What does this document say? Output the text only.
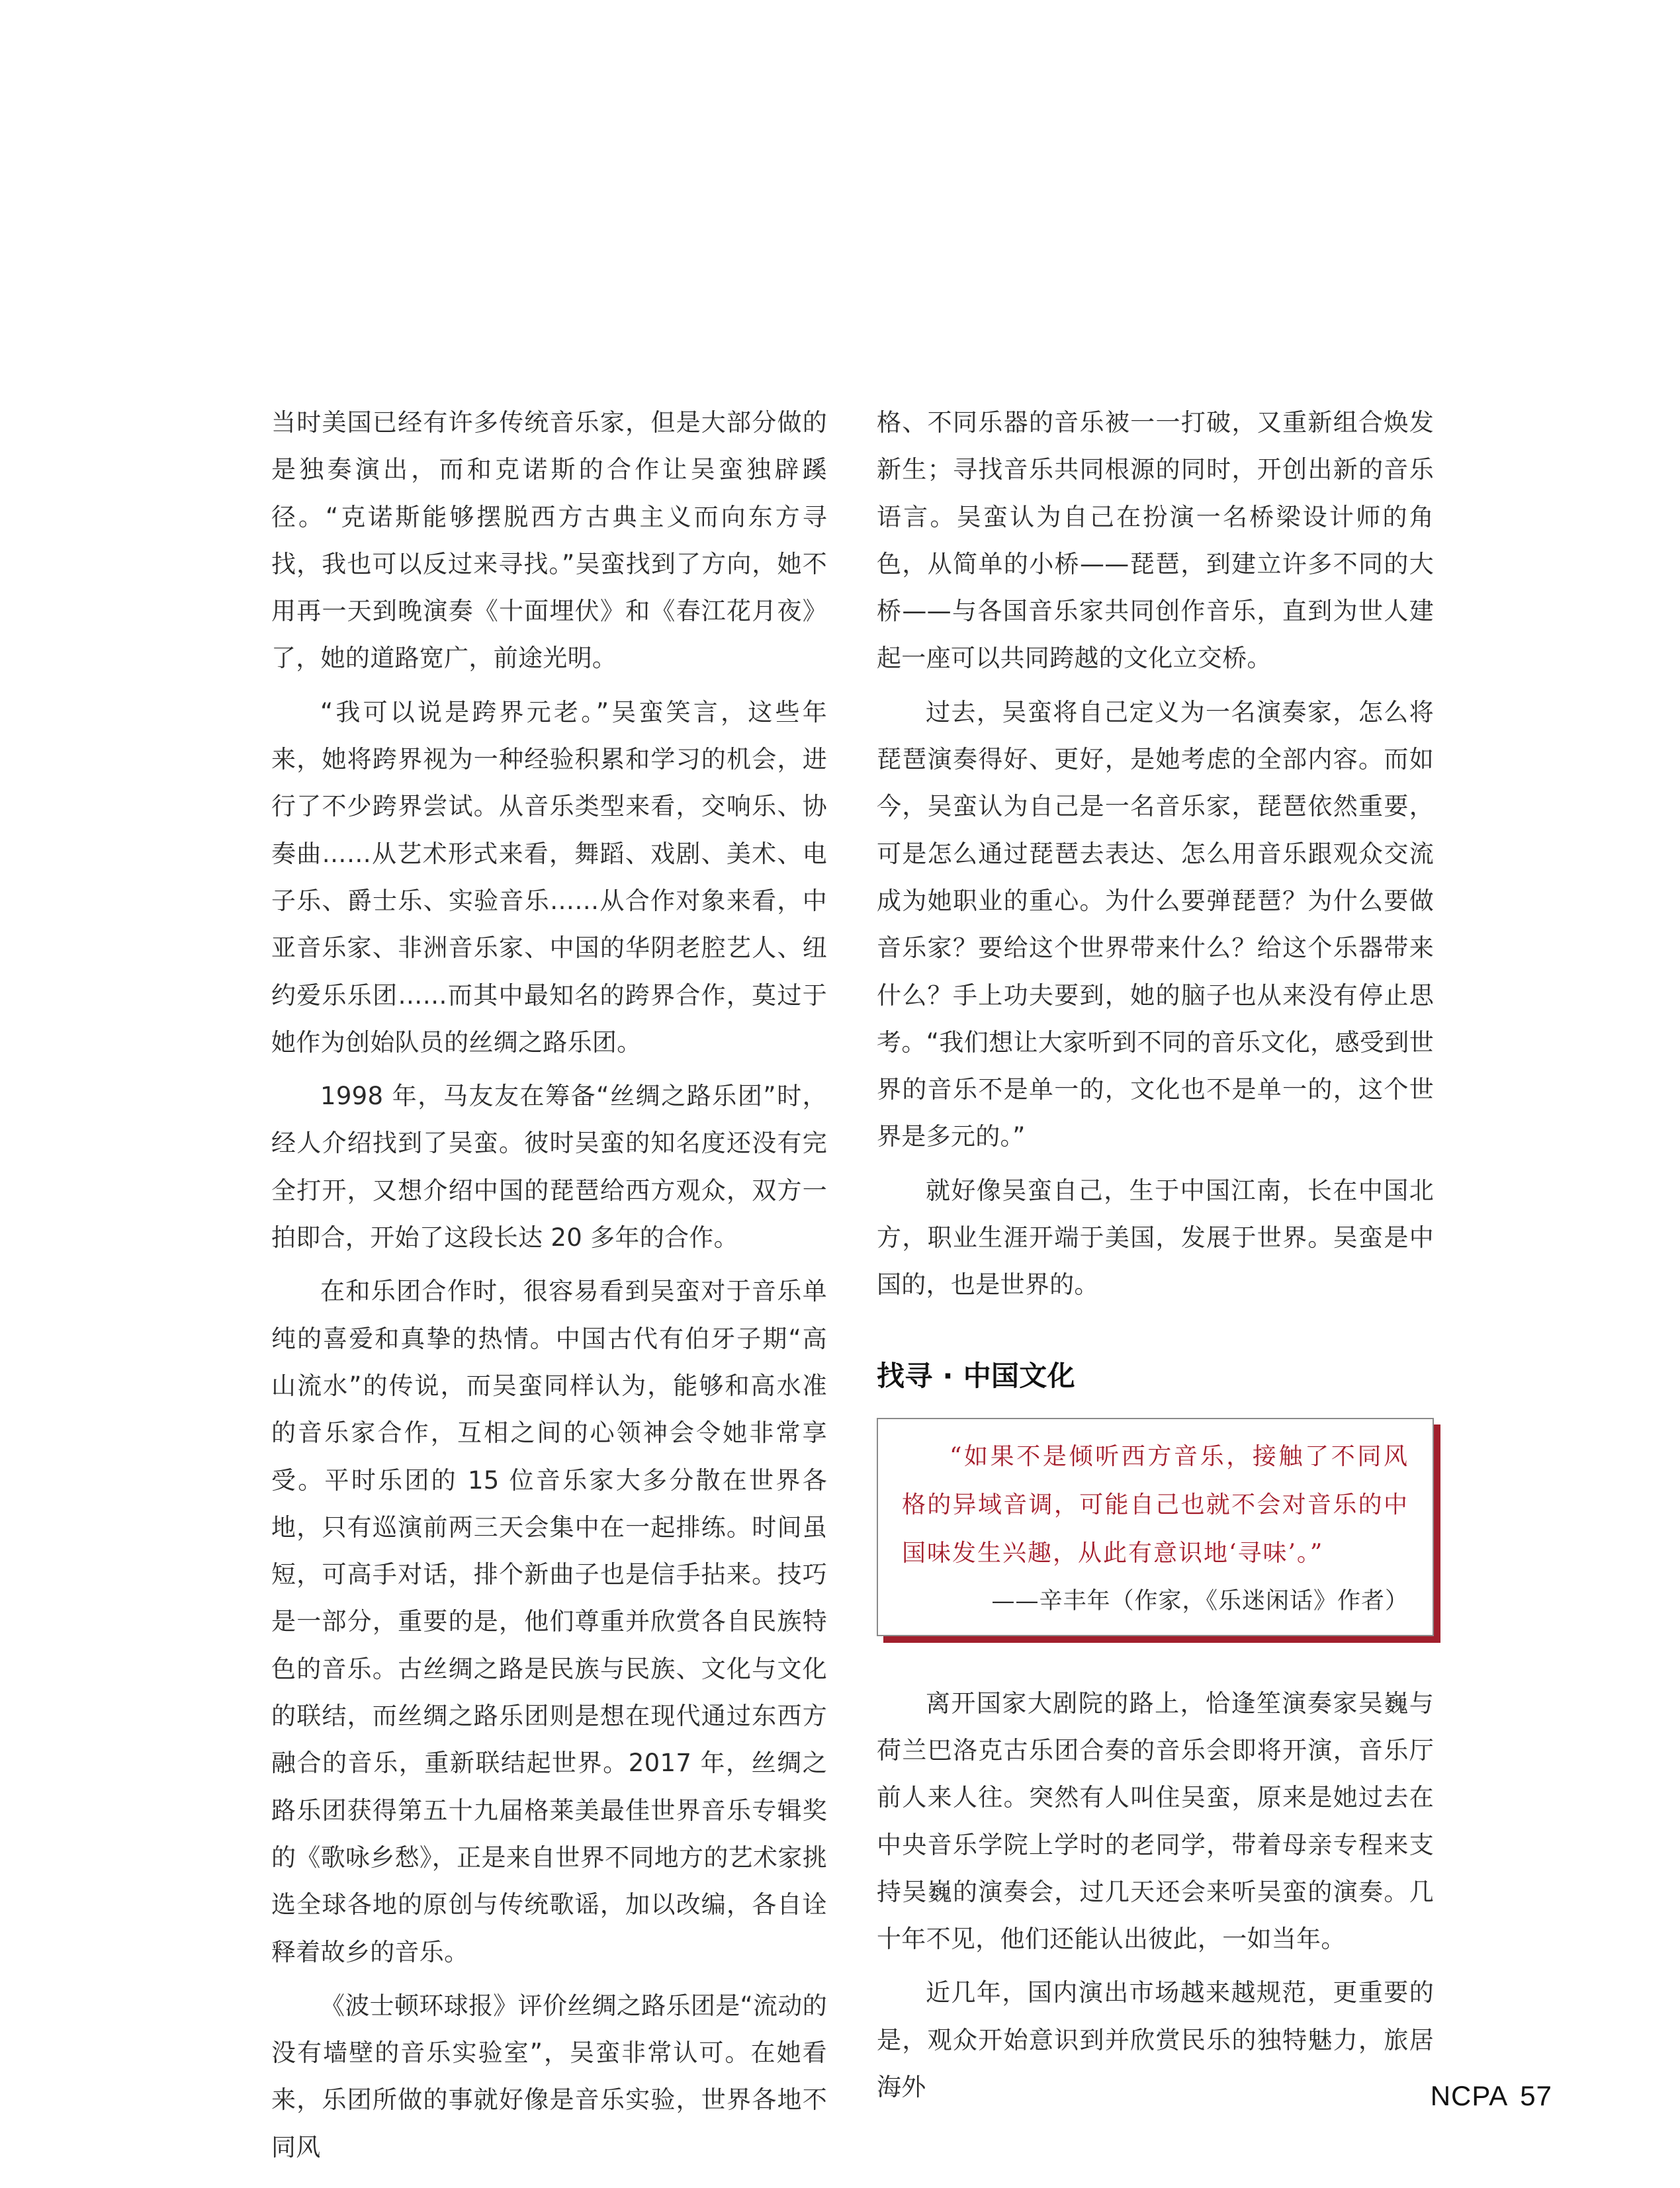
当时美国已经有许多传统音乐家，但是大部分做的是独奏演出，而和克诺斯的合作让吴蛮独辟蹊径。“克诺斯能够摆脱西方古典主义而向东方寻找，我也可以反过来寻找。”吴蛮找到了方向，她不用再一天到晚演奏《十面埋伏》和《春江花月夜》了，她的道路宽广，前途光明。

“我可以说是跨界元老。”吴蛮笑言，这些年来，她将跨界视为一种经验积累和学习的机会，进行了不少跨界尝试。从音乐类型来看，交响乐、协奏曲……从艺术形式来看，舞蹈、戏剧、美术、电子乐、爵士乐、实验音乐……从合作对象来看，中亚音乐家、非洲音乐家、中国的华阴老腔艺人、纽约爱乐乐团……而其中最知名的跨界合作，莫过于她作为创始队员的丝绸之路乐团。

1998 年，马友友在筹备“丝绸之路乐团”时，经人介绍找到了吴蛮。彼时吴蛮的知名度还没有完全打开，又想介绍中国的琵琶给西方观众，双方一拍即合，开始了这段长达 20 多年的合作。

在和乐团合作时，很容易看到吴蛮对于音乐单纯的喜爱和真挚的热情。中国古代有伯牙子期“高山流水”的传说，而吴蛮同样认为，能够和高水准的音乐家合作，互相之间的心领神会令她非常享受。平时乐团的 15 位音乐家大多分散在世界各地，只有巡演前两三天会集中在一起排练。时间虽短，可高手对话，排个新曲子也是信手拈来。技巧是一部分，重要的是，他们尊重并欣赏各自民族特色的音乐。古丝绸之路是民族与民族、文化与文化的联结，而丝绸之路乐团则是想在现代通过东西方融合的音乐，重新联结起世界。2017 年，丝绸之路乐团获得第五十九届格莱美最佳世界音乐专辑奖的《歌咏乡愁》，正是来自世界不同地方的艺术家挑选全球各地的原创与传统歌谣，加以改编，各自诠释着故乡的音乐。

《波士顿环球报》评价丝绸之路乐团是“流动的没有墙壁的音乐实验室”，吴蛮非常认可。在她看来，乐团所做的事就好像是音乐实验，世界各地不同风

格、不同乐器的音乐被一一打破，又重新组合焕发新生；寻找音乐共同根源的同时，开创出新的音乐语言。吴蛮认为自己在扮演一名桥梁设计师的角色，从简单的小桥——琵琶，到建立许多不同的大桥——与各国音乐家共同创作音乐，直到为世人建起一座可以共同跨越的文化立交桥。

过去，吴蛮将自己定义为一名演奏家，怎么将琵琶演奏得好、更好，是她考虑的全部内容。而如今，吴蛮认为自己是一名音乐家，琵琶依然重要，可是怎么通过琵琶去表达、怎么用音乐跟观众交流成为她职业的重心。为什么要弹琵琶？为什么要做音乐家？要给这个世界带来什么？给这个乐器带来什么？手上功夫要到，她的脑子也从来没有停止思考。“我们想让大家听到不同的音乐文化，感受到世界的音乐不是单一的，文化也不是单一的，这个世界是多元的。”

就好像吴蛮自己，生于中国江南，长在中国北方，职业生涯开端于美国，发展于世界。吴蛮是中国的，也是世界的。

找寻 · 中国文化
“如果不是倾听西方音乐，接触了不同风格的异域音调，可能自己也就不会对音乐的中国味发生兴趣，从此有意识地‘寻味’。”
——辛丰年（作家，《乐迷闲话》作者）

离开国家大剧院的路上，恰逢笙演奏家吴巍与荷兰巴洛克古乐团合奏的音乐会即将开演，音乐厅前人来人往。突然有人叫住吴蛮，原来是她过去在中央音乐学院上学时的老同学，带着母亲专程来支持吴巍的演奏会，过几天还会来听吴蛮的演奏。几十年不见，他们还能认出彼此，一如当年。

近几年，国内演出市场越来越规范，更重要的是，观众开始意识到并欣赏民乐的独特魅力，旅居海外	NCPA 57
